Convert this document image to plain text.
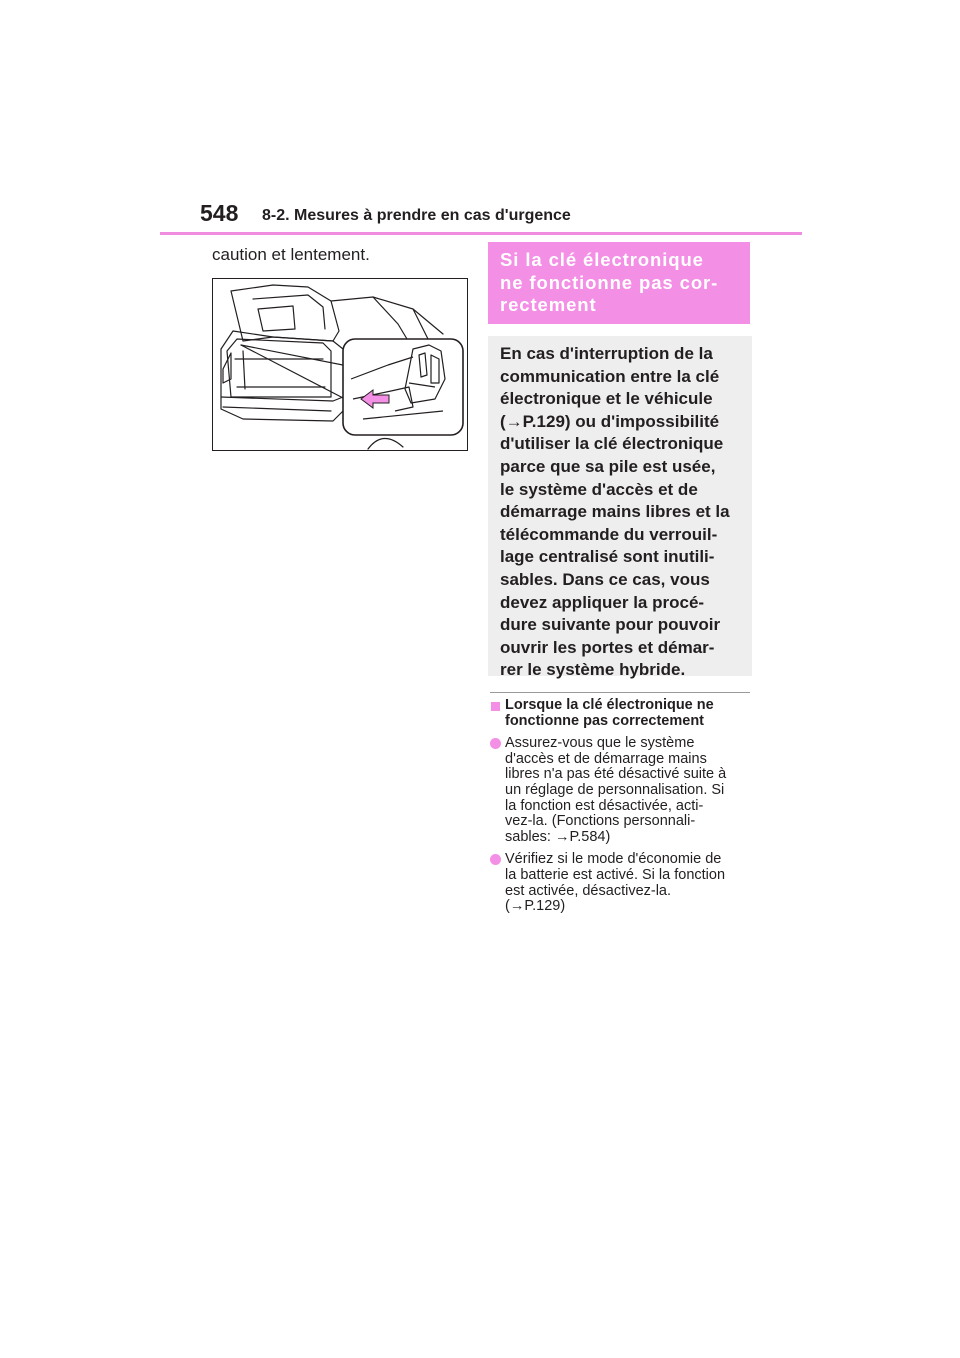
548 8-2. Mesures à prendre en cas d'urgence
caution et lentement.	Si la clé électronique
ne fonctionne pas cor-
rectement
En cas d'interruption de la
communication entre la clé
électronique et le véhicule
(→P.129) ou d'impossibilité
d'utiliser la clé électronique
parce que sa pile est usée,
le système d'accès et de
démarrage mains libres et la
télécommande du verrouil-
lage centralisé sont inutili-
sables. Dans ce cas, vous
devez appliquer la procé-
dure suivante pour pouvoir
ouvrir les portes et démar-
rer le système hybride.
Lorsque la clé électronique ne
fonctionne pas correctement
Assurez-vous que le système
d'accès et de démarrage mains
libres n'a pas été désactivé suite à
un réglage de personnalisation. Si
la fonction est désactivée, acti-
vez-la. (Fonctions personnali-
sables: →P.584)
Vérifiez si le mode d'économie de
la batterie est activé. Si la fonction
est activée, désactivez-la.
(→P.129)
